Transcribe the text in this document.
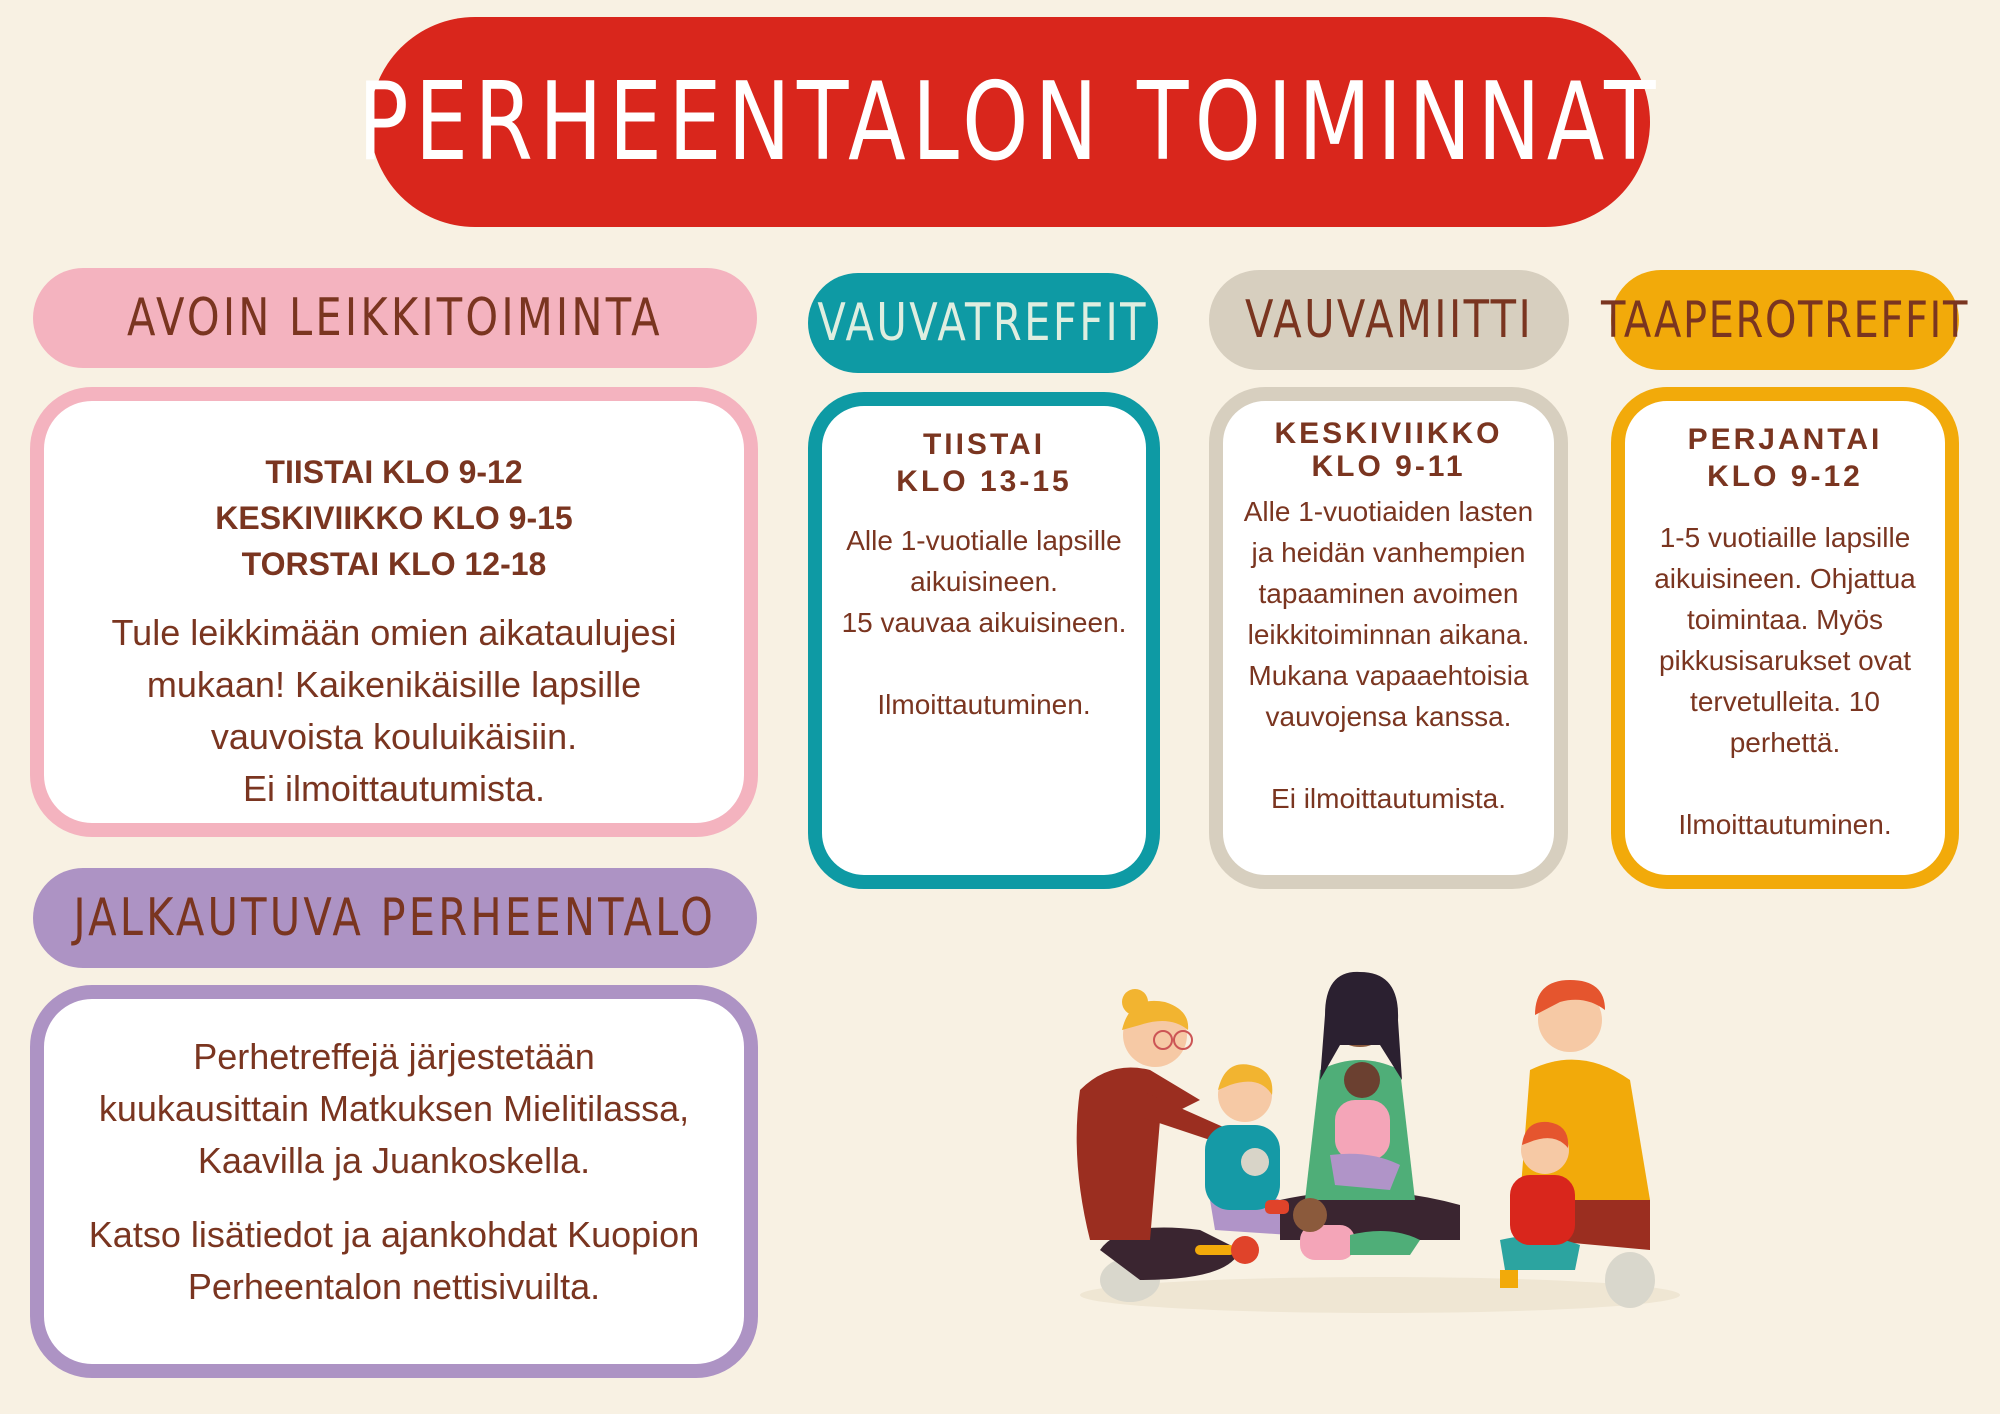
PERHEENTALON TOIMINNAT
AVOIN LEIKKITOIMINTA
TIISTAI KLO 9-12
KESKIVIIKKO KLO 9-15
TORSTAI KLO 12-18
Tule leikkimään omien aikataulujesi
mukaan! Kaikenikäisille lapsille
vauvoista kouluikäisiin.
Ei ilmoittautumista.
VAUVATREFFIT
TIISTAI
KLO 13-15
Alle 1-vuotialle lapsille
aikuisineen.
15 vauvaa aikuisineen.

Ilmoittautuminen.
VAUVAMIITTI
KESKIVIIKKO
KLO 9-11
Alle 1-vuotiaiden lasten
ja heidän vanhempien
tapaaminen avoimen
leikkitoiminnan aikana.
Mukana vapaaehtoisia
vauvojensa kanssa.

Ei ilmoittautumista.
TAAPEROTREFFIT
PERJANTAI
KLO 9-12
1-5 vuotiaille lapsille
aikuisineen. Ohjattua
toimintaa. Myös
pikkusisarukset ovat
tervetulleita. 10
perhettä.

Ilmoittautuminen.
JALKAUTUVA PERHEENTALO
Perhetreffejä järjestetään
kuukausittain Matkuksen Mielitilassa,
Kaavilla ja Juankoskella.
Katso lisätiedot ja ajankohdat Kuopion
Perheentalon nettisivuilta.
